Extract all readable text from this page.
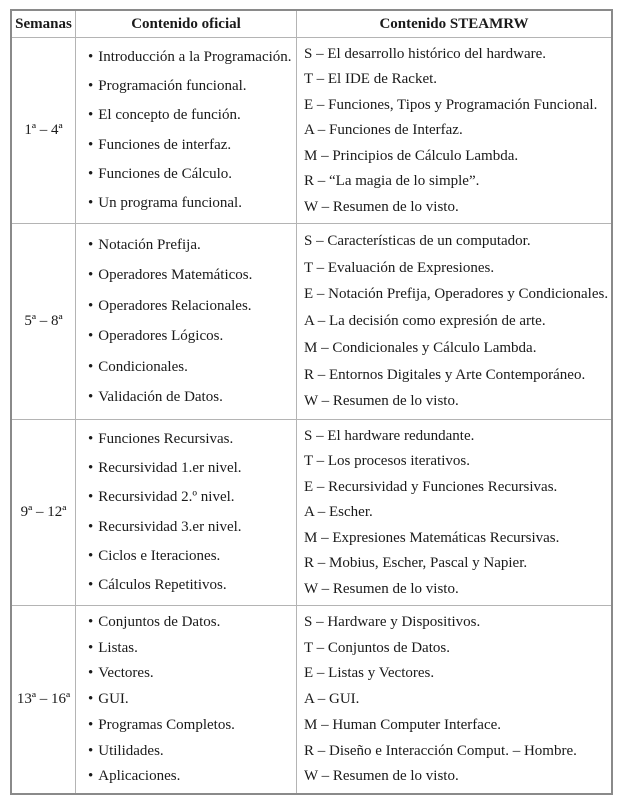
Semanas	Contenido oficial	Contenido STEAMRW
1ª – 4ª
• Introducción a la Programación.
• Programación funcional.
• El concepto de función.
• Funciones de interfaz.
• Funciones de Cálculo.
• Un programa funcional.
S – El desarrollo histórico del hardware.
T – El IDE de Racket.
E – Funciones, Tipos y Programación Funcional.
A – Funciones de Interfaz.
M – Principios de Cálculo Lambda.
R – “La magia de lo simple”.
W – Resumen de lo visto.
5ª – 8ª
• Notación Prefija.
• Operadores Matemáticos.
• Operadores Relacionales.
• Operadores Lógicos.
• Condicionales.
• Validación de Datos.
S – Características de un computador.
T – Evaluación de Expresiones.
E – Notación Prefija, Operadores y Condicionales.
A – La decisión como expresión de arte.
M – Condicionales y Cálculo Lambda.
R – Entornos Digitales y Arte Contemporáneo.
W – Resumen de lo visto.
9ª – 12ª
• Funciones Recursivas.
• Recursividad 1.er nivel.
• Recursividad 2.º nivel.
• Recursividad 3.er nivel.
• Ciclos e Iteraciones.
• Cálculos Repetitivos.
S – El hardware redundante.
T – Los procesos iterativos.
E – Recursividad y Funciones Recursivas.
A – Escher.
M – Expresiones Matemáticas Recursivas.
R – Mobius, Escher, Pascal y Napier.
W – Resumen de lo visto.
13ª – 16ª
• Conjuntos de Datos.
• Listas.
• Vectores.
• GUI.
• Programas Completos.
• Utilidades.
• Aplicaciones.
S – Hardware y Dispositivos.
T – Conjuntos de Datos.
E – Listas y Vectores.
A – GUI.
M – Human Computer Interface.
R – Diseño e Interacción Comput. – Hombre.
W – Resumen de lo visto.
